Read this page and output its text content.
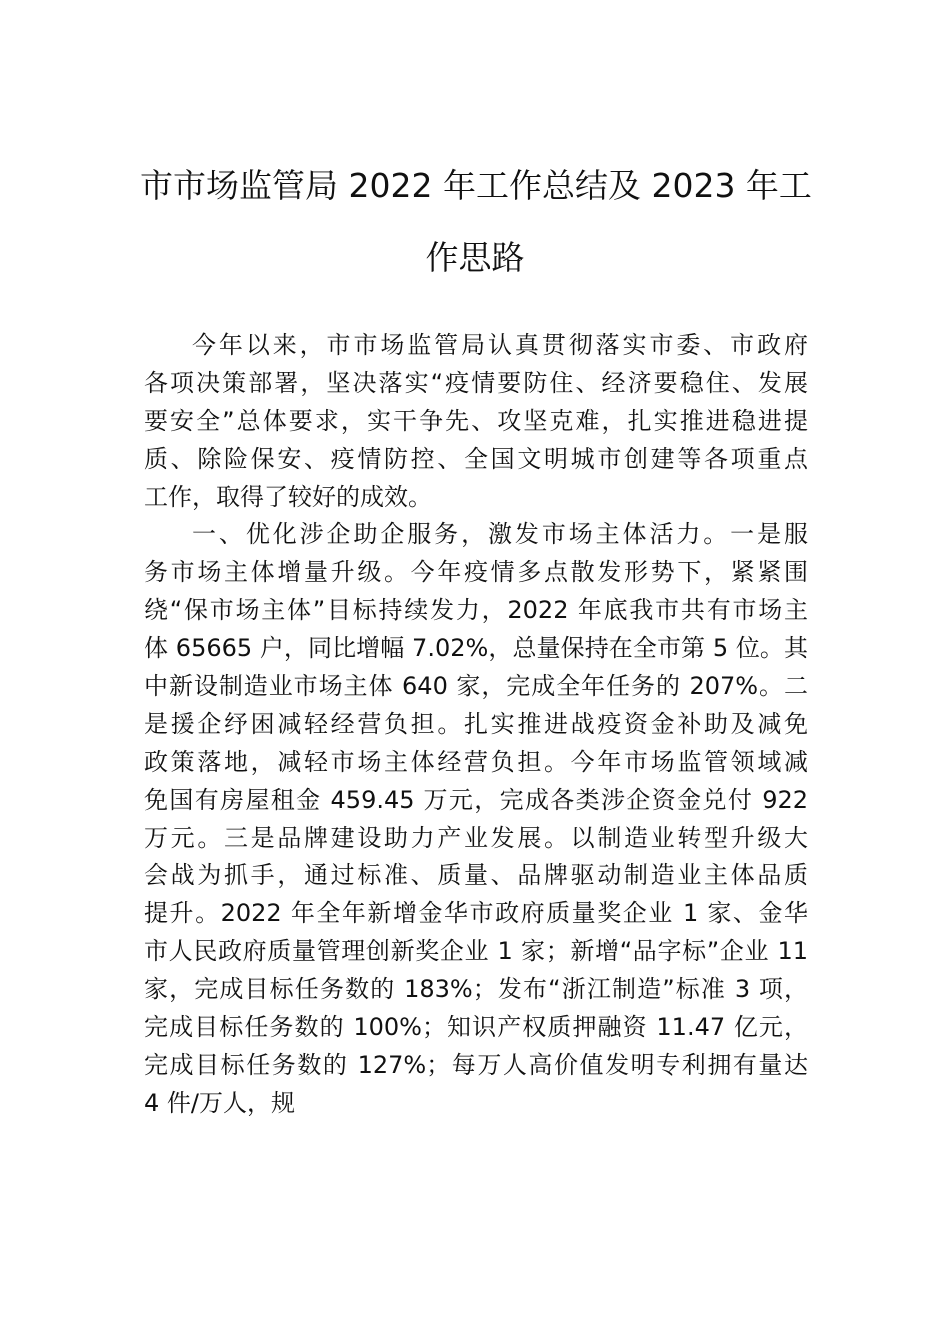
市市场监管局 2022 年工作总结及 2023 年工
作思路
今年以来，市市场监管局认真贯彻落实市委、市政府
各项决策部署，坚决落实“疫情要防住、经济要稳住、发展
要安全”总体要求，实干争先、攻坚克难，扎实推进稳进提
质、除险保安、疫情防控、全国文明城市创建等各项重点
工作，取得了较好的成效。
一、优化涉企助企服务，激发市场主体活力。一是服
务市场主体增量升级。今年疫情多点散发形势下，紧紧围
绕“保市场主体”目标持续发力，2022 年底我市共有市场主
体 65665 户，同比增幅 7.02%，总量保持在全市第 5 位。其
中新设制造业市场主体 640 家，完成全年任务的 207%。二
是援企纾困减轻经营负担。扎实推进战疫资金补助及减免
政策落地，减轻市场主体经营负担。今年市场监管领域减
免国有房屋租金 459.45 万元，完成各类涉企资金兑付 922
万元。三是品牌建设助力产业发展。以制造业转型升级大
会战为抓手，通过标准、质量、品牌驱动制造业主体品质
提升。2022 年全年新增金华市政府质量奖企业 1 家、金华
市人民政府质量管理创新奖企业 1 家；新增“品字标”企业 11
家，完成目标任务数的 183%；发布“浙江制造”标准 3 项，
完成目标任务数的 100%；知识产权质押融资 11.47 亿元，
完成目标任务数的 127%；每万人高价值发明专利拥有量达
4 件/万人，规
